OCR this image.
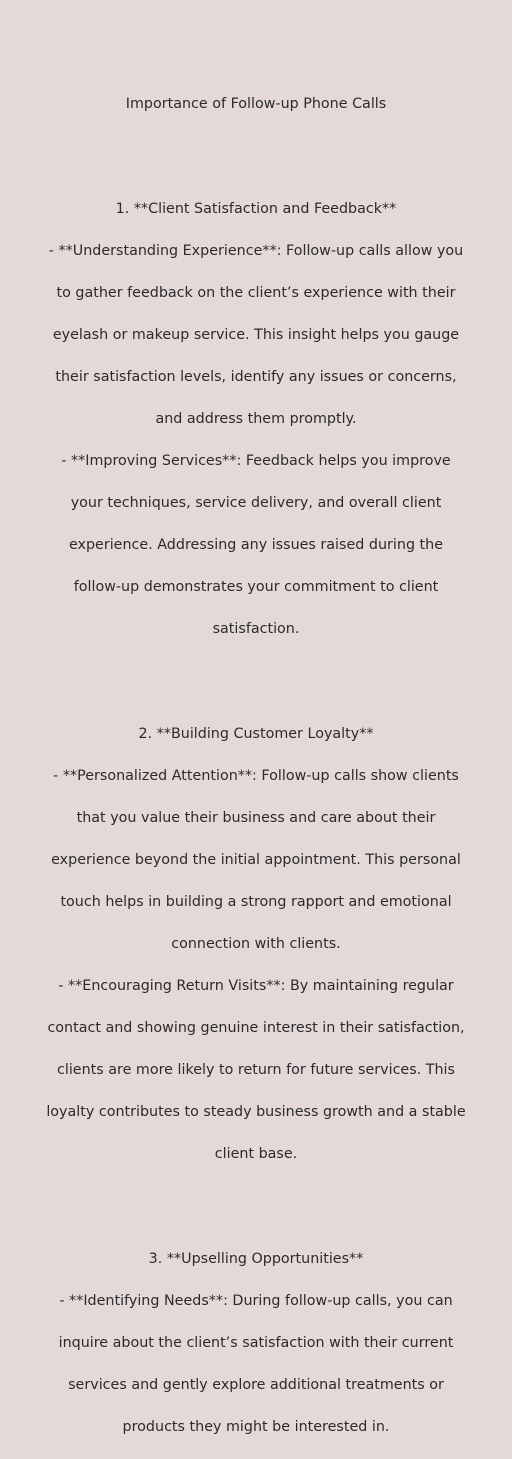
Importance of Follow-up Phone Calls

1. **Client Satisfaction and Feedback**

- **Understanding Experience**: Follow-up calls allow you

to gather feedback on the client’s experience with their

eyelash or makeup service. This insight helps you gauge

their satisfaction levels, identify any issues or concerns,

and address them promptly.

- **Improving Services**: Feedback helps you improve

your techniques, service delivery, and overall client

experience. Addressing any issues raised during the

follow-up demonstrates your commitment to client

satisfaction.

2. **Building Customer Loyalty**

- **Personalized Attention**: Follow-up calls show clients

that you value their business and care about their

experience beyond the initial appointment. This personal

touch helps in building a strong rapport and emotional

connection with clients.

- **Encouraging Return Visits**: By maintaining regular

contact and showing genuine interest in their satisfaction,

clients are more likely to return for future services. This

loyalty contributes to steady business growth and a stable

client base.

3. **Upselling Opportunities**

- **Identifying Needs**: During follow-up calls, you can

inquire about the client’s satisfaction with their current

services and gently explore additional treatments or

products they might be interested in.
